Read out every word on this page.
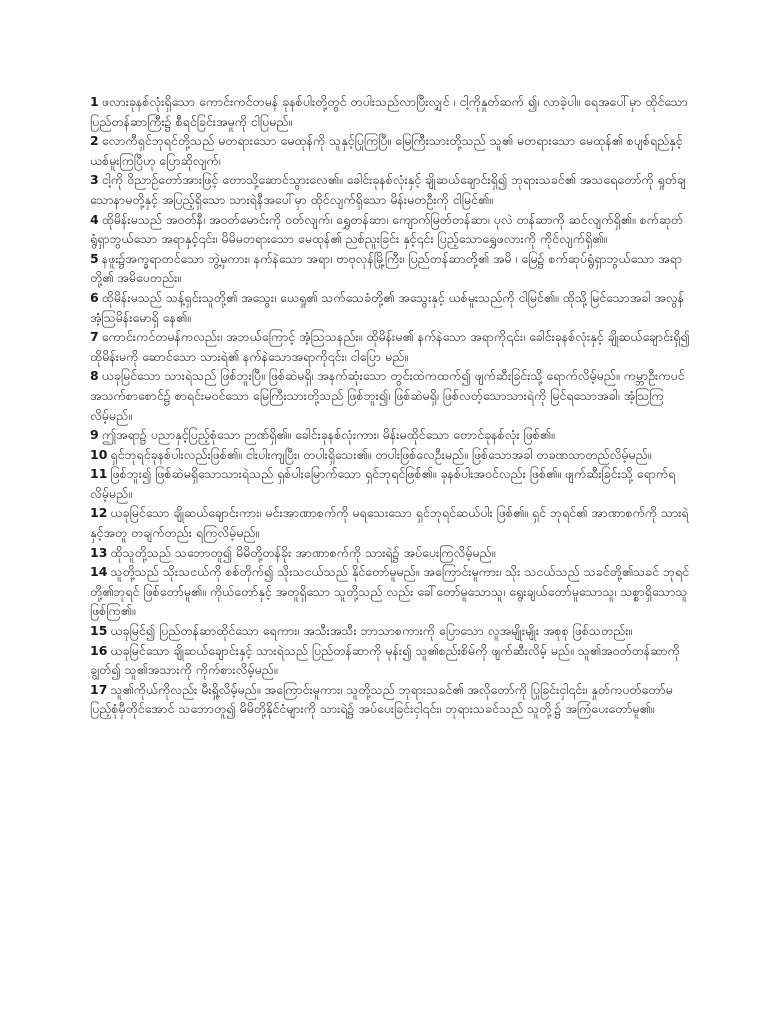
1 ဖလားခုနစ်လုံးရှိသော ကောင်းကင်တမန် ခုနစ်ပါးတို့တွင် တပါးသည်လာပြီးလျှင် ၊ ငါ့ကိုနှုတ်ဆက် ၍၊ လာခဲ့ပါ။ ရေအပေါ်မှာ ထိုင်သော ပြည်တန်ဆာကြီး၌ စီရင်ခြင်းအမှုကို ငါပြမည်။

2 လောကီရှင်ဘုရင်တို့သည် မတရားသော မေထုန်ကို သူနှင့်ပြုကြပြီ။ မြေကြီးသားတို့သည် သူ၏ မတရားသော မေထုန်၏ စပျစ်ရည်နှင့် ယစ်မူးကြပြီဟု ပြောဆိုလျက်၊

3 ငါ့ကို ဝိညာဉ်တော်အားဖြင့် တောသို့ဆောင်သွားလေ၏။ ခေါင်းခုနစ်လုံးနှင့် ချိုဆယ်ချောင်းရှိ၍ ဘုရားသခင်၏ အသရေတော်ကို ရှုတ်ချသောနာမတို့နှင့် အပြည့်ရှိသော သားရဲနီအပေါ်မှာ ထိုင်လျက်ရှိသော မိန်းမတဦးကို ငါမြင်၏။

4 ထိုမိန်းမသည် အဝတ်နီ၊ အဝတ်မောင်းကို ဝတ်လျက်၊ ရွှေတန်ဆာ၊ ကျောက်မြတ်တန်ဆာ၊ ပုလဲ တန်ဆာကို ဆင်လျက်ရှိ၏။ စက်ဆုတ်ရွံရှာဘွယ်သော အရာနှင့်၎င်း၊ မိမိမတရားသော မေထုန်၏ ညစ်ညူးခြင်း နှင့်၎င်း ပြည့်သောရွှေဖလားကို ကိုင်လျက်ရှိ၏။

5 နဖူး၌အက္ခရာတင်သော ဘွဲ့မှကား၊ နက်နဲသော အရာ၊ ဗာဗုလုန်မြို့ကြီး၊ ပြည်တန်ဆာတို့၏ အမိ ၊ မြေ၌ စက်ဆုပ်ရွံရှာဘွယ်သော အရာတို့၏ အမိပေတည်း။

6 ထိုမိန်းမသည် သန့်ရှင်းသူတို့၏ အသွေး၊ ယေရှု၏ သက်သေခံတို့၏ အသွေးနှင့် ယစ်မူးသည်ကို ငါမြင်၏။ ထိုသို့မြင်သောအခါ အလွန်အံ့ဩမိန်းမောရှိ နေ၏။

7 ကောင်းကင်တမန်ကလည်း၊ အဘယ်ကြောင့် အံ့ဩသနည်း။ ထိုမိန်းမ၏ နက်နဲသော အရာကို၎င်း၊ ခေါင်းခုနစ်လုံးနှင့် ချိုဆယ်ချောင်းရှိ၍ ထိုမိန်းမကို ဆောင်သော သားရဲ၏ နက်နဲသောအရာကို၎င်း၊ ငါပြော မည်။

8 ယခုမြင်သော သားရဲသည် ဖြစ်ဘူးပြီ။ ဖြစ်ဆဲမရှိ၊ အနက်ဆုံးသော တွင်းထဲကထက်၍ ဖျက်ဆီးခြင်းသို့ ရောက်လိမ့်မည်။ ကမ္ဘာဦးကပင် အသက်စာစောင်၌ စာရင်းမဝင်သော မြေကြီးသားတို့သည် ဖြစ်ဘူး၍၊ ဖြစ်ဆဲမရှိ၊ ဖြစ်လတ့်သောသားရဲကို မြင်ရသောအခါ၊ အံ့ဩကြလိမ့်မည်။

9 ဤအရာ၌ ပညာနှင့်ပြည့်စုံသော ဉာဏ်ရှိ၏။ ခေါင်းခုနစ်လုံးကား၊ မိန်းမထိုင်သော တောင်ခုနစ်လုံး ဖြစ်၏။

10 ရှင်ဘုရင်ခုနစ်ပါးလည်းဖြစ်၏။ ငါးပါးကျပြီး၊ တပါးရှိသေး၏။ တပါးဖြစ်လေဦးမည်။ ဖြစ်သောအခါ တခဏသာတည်လိမ့်မည်။

11 ဖြစ်ဘူး၍ ဖြစ်ဆဲမရှိသောသားရဲသည် ရှစ်ပါးမြောက်သော ရှင်ဘုရင်ဖြစ်၏။ ခုနစ်ပါးအဝင်လည်း ဖြစ်၏။ ဖျက်ဆီးခြင်းသို့ ရောက်ရလိမ့်မည်။

12 ယခုမြင်သော ချိုဆယ်ချောင်းကား၊ မင်းအာဏာစက်ကို မရသေးသော ရှင်ဘုရင်ဆယ်ပါး ဖြစ်၏။ ရှင် ဘုရင်၏ အာဏာစက်ကို သားရဲနှင့်အတူ တချက်တည်း ရကြလိမ့်မည်။

13 ထိုသူတို့သည် သဘောတူ၍ မိမိတို့တန်ခိုး အာဏာစက်ကို သားရဲ၌ အပ်ပေးကြလိမ့်မည်။

14 သူတို့သည် သိုးသငယ်ကို စစ်တိုက်၍ သိုးသငယ်သည် နိုင်တော်မူမည်။ အကြောင်းမူကား၊ သိုး သငယ်သည် သခင်တို့၏သခင် ဘုရင်တို့၏ဘုရင် ဖြစ်တော်မူ၏။ ကိုယ်တော်နှင့် အတူရှိသော သူတို့သည် လည်း ခေါ်တော်မူသောသူ၊ ရွေးချယ်တော်မူသောသူ၊ သစ္စာရှိသောသူ ဖြစ်ကြ၏။

15 ယခုမြင်၍ ပြည်တန်ဆာထိုင်သော ရေကား၊ အသီးအသီး ဘာသာစကားကို ပြောသော လူအမျိုးမျိုး အစုစု ဖြစ်သတည်း။

16 ယခုမြင်သော ချိုဆယ်ချောင်းနှင့် သားရဲသည် ပြည်တန်ဆာကို မုန်း၍ သူ၏စည်းစိမ်ကို ဖျက်ဆီးလိမ့် မည်။ သူ၏အဝတ်တန်ဆာကိုချွတ်၍ သူ၏အသားကို ကိုက်စားလိမ့်မည်။

17 သူ၏ကိုယ်ကိုလည်း မီးရှို့လိမ့်မည်။ အကြောင်းမူကား၊ သူတို့သည် ဘုရားသခင်၏ အလိုတော်ကို ပြုခြင်းငှါ၎င်း၊ နှုတ်ကပတ်တော်မပြည့်စုံမှီတိုင်အောင် သဘောတူ၍ မိမိတို့နိုင်ငံများကို သားရဲ၌ အပ်ပေးခြင်းငှါ၎င်း၊ ဘုရားသခင်သည် သူတို့၌ အကြံပေးတော်မူ၏။
